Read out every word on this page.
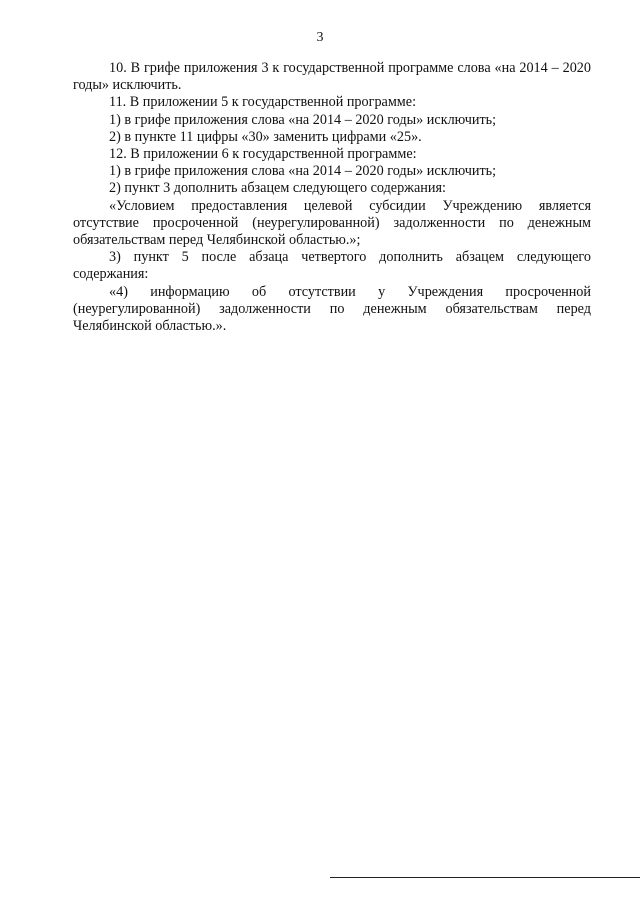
3

10. В грифе приложения 3 к государственной программе слова «на 2014 – 2020 годы» исключить.

11. В приложении 5 к государственной программе:

1) в грифе приложения слова «на 2014 – 2020 годы» исключить;

2) в пункте 11 цифры «30» заменить цифрами «25».

12. В приложении 6 к государственной программе:

1) в грифе приложения слова «на 2014 – 2020 годы» исключить;

2) пункт 3 дополнить абзацем следующего содержания:

«Условием предоставления целевой субсидии Учреждению является отсутствие просроченной (неурегулированной) задолженности по денежным обязательствам перед Челябинской областью.»;

3) пункт 5 после абзаца четвертого дополнить абзацем следующего содержания:

«4) информацию об отсутствии у Учреждения просроченной (неурегулированной) задолженности по денежным обязательствам перед Челябинской областью.».
